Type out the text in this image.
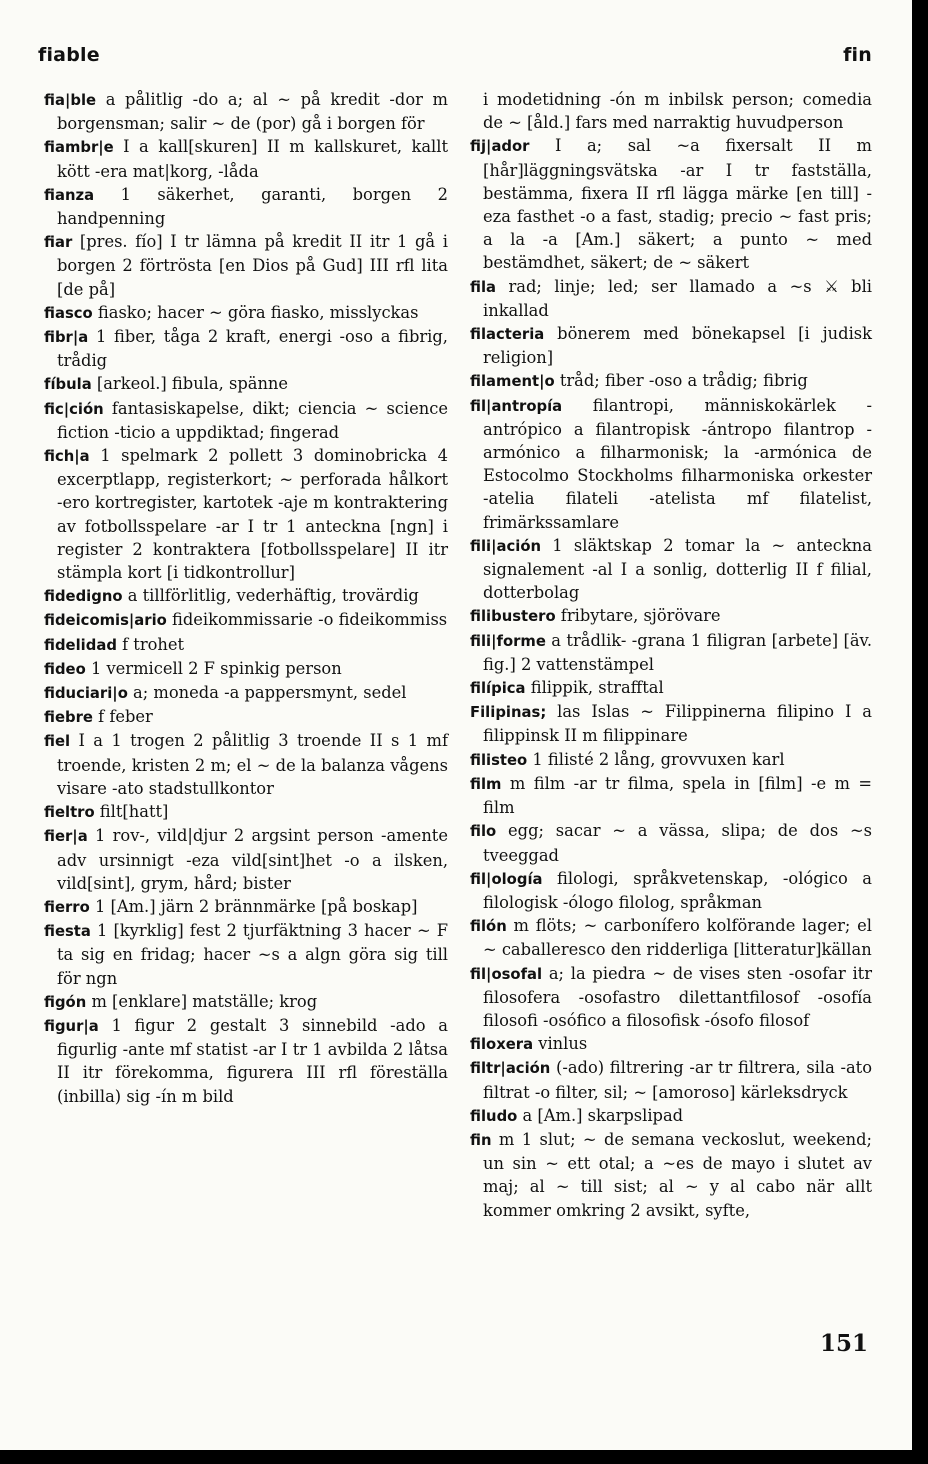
fiable	fin

fia|ble a pålitlig -do a; al ~ på kredit -dor m borgensman; salir ~ de (por) gå i borgen för

fiambr|e I a kall[skuren] II m kallskuret, kallt kött -era mat|korg, -låda

fianza 1 säkerhet, garanti, borgen 2 handpenning

fiar [pres. fío] I tr lämna på kredit II itr 1 gå i borgen 2 förtrösta [en Dios på Gud] III rfl lita [de på]

fiasco fiasko; hacer ~ göra fiasko, misslyckas

fibr|a 1 fiber, tåga 2 kraft, energi -oso a fibrig, trådig

fíbula [arkeol.] fibula, spänne

fic|ción fantasiskapelse, dikt; ciencia ~ science fiction -ticio a uppdiktad; fingerad

fich|a 1 spelmark 2 pollett 3 dominobricka 4 excerptlapp, registerkort; ~ perforada hålkort -ero kortregister, kartotek -aje m kontraktering av fotbollsspelare -ar I tr 1 anteckna [ngn] i register 2 kontraktera [fotbollsspelare] II itr stämpla kort [i tidkontrollur]

fidedigno a tillförlitlig, vederhäftig, trovärdig

fideicomis|ario fideikommissarie -o fideikommiss

fidelidad f trohet

fideo 1 vermicell 2 F spinkig person

fiduciari|o a; moneda -a pappersmynt, sedel

fiebre f feber

fiel I a 1 trogen 2 pålitlig 3 troende II s 1 mf troende, kristen 2 m; el ~ de la balanza vågens visare -ato stadstullkontor

fieltro filt[hatt]

fier|a 1 rov-, vild|djur 2 argsint person -amente adv ursinnigt -eza vild[sint]het -o a ilsken, vild[sint], grym, hård; bister

fierro 1 [Am.] järn 2 brännmärke [på boskap]

fiesta 1 [kyrklig] fest 2 tjurfäktning 3 hacer ~ F ta sig en fridag; hacer ~s a algn göra sig till för ngn

figón m [enklare] matställe; krog

figur|a 1 figur 2 gestalt 3 sinnebild -ado a figurlig -ante mf statist -ar I tr 1 avbilda 2 låtsa II itr förekomma, figurera III rfl föreställa (inbilla) sig -ín m bild

i modetidning -ón m inbilsk person; comedia de ~ [åld.] fars med narraktig huvudperson

fij|ador I a; sal ~a fixersalt II m [hår]läggningsvätska -ar I tr fastställa, bestämma, fixera II rfl lägga märke [en till] -eza fasthet -o a fast, stadig; precio ~ fast pris; a la -a [Am.] säkert; a punto ~ med bestämdhet, säkert; de ~ säkert

fila rad; linje; led; ser llamado a ~s ⚔ bli inkallad

filacteria bönerem med bönekapsel [i judisk religion]

filament|o tråd; fiber -oso a trådig; fibrig

fil|antropía filantropi, människokärlek -antrópico a filantropisk -ántropo filantrop -armónico a filharmonisk; la -armónica de Estocolmo Stockholms filharmoniska orkester -atelia filateli -atelista mf filatelist, frimärkssamlare

fili|ación 1 släktskap 2 tomar la ~ anteckna signalement -al I a sonlig, dotterlig II f filial, dotterbolag

filibustero fribytare, sjörövare

fili|forme a trådlik- -grana 1 filigran [arbete] [äv. fig.] 2 vattenstämpel

filípica filippik, strafftal

Filipinas; las Islas ~ Filippinerna filipino I a filippinsk II m filippinare

filisteo 1 filisté 2 lång, grovvuxen karl

film m film -ar tr filma, spela in [film] -e m = film

filo egg; sacar ~ a vässa, slipa; de dos ~s tveeggad

fil|ología filologi, språkvetenskap, -ológico a filologisk -ólogo filolog, språkman

filón m flöts; ~ carbonífero kolförande lager; el ~ caballeresco den ridderliga [litteratur]källan

fil|osofal a; la piedra ~ de vises sten -osofar itr filosofera -osofastro dilettantfilosof -osofía filosofi -osófico a filosofisk -ósofo filosof

filoxera vinlus

filtr|ación (-ado) filtrering -ar tr filtrera, sila -ato filtrat -o filter, sil; ~ [amoroso] kärleksdryck

filudo a [Am.] skarpslipad

fin m 1 slut; ~ de semana veckoslut, weekend; un sin ~ ett otal; a ~es de mayo i slutet av maj; al ~ till sist; al ~ y al cabo när allt kommer omkring 2 avsikt, syfte,

151
